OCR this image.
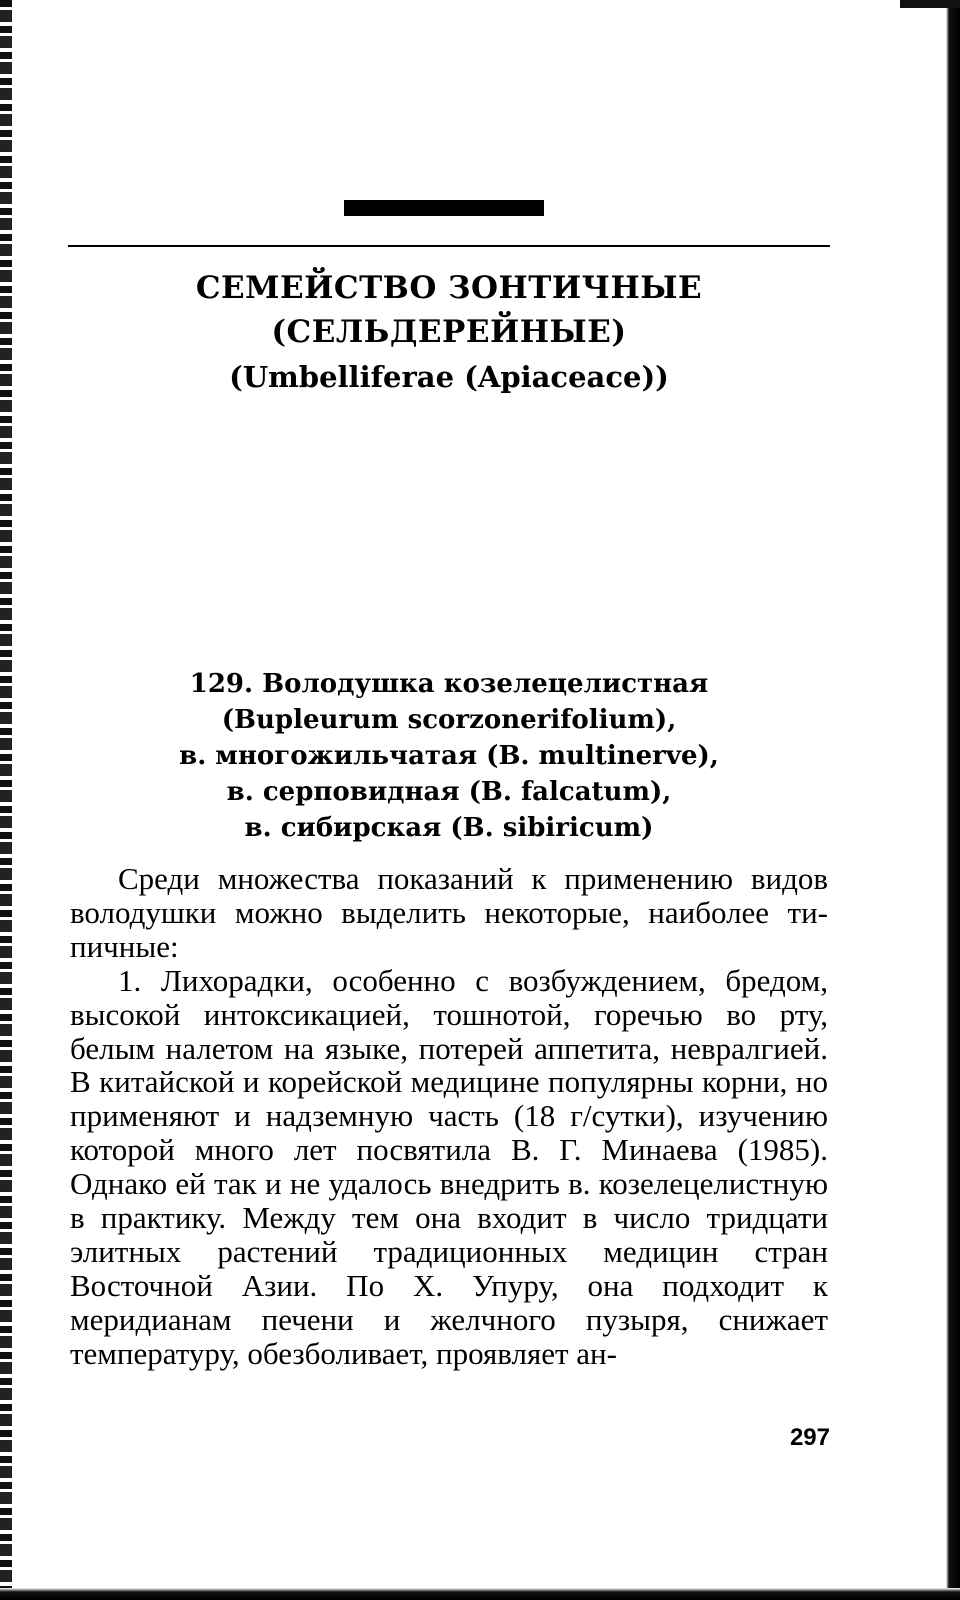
СЕМЕЙСТВО ЗОНТИЧНЫЕ
(СЕЛЬДЕРЕЙНЫЕ)
(Umbelliferae (Apiaceace))
129. Володушка козелецелистная
(Bupleurum scorzonerifolium),
в. многожильчатая (B. multinerve),
в. серповидная (B. falcatum),
в. сибирская (B. sibiricum)

Среди множества показаний к применению видов володушки можно выделить некоторые, наиболее типичные:

1. Лихорадки, особенно с возбуждением, бредом, высокой интоксикацией, тошнотой, горечью во рту, белым налетом на языке, потерей аппетита, невралгией. В китайской и корейской медицине популярны корни, но применяют и надземную часть (18 г/сутки), изучению которой много лет посвятила В. Г. Минаева (1985). Однако ей так и не удалось внедрить в. козелецелистную в практику. Между тем она входит в число тридцати элитных растений традиционных медицин стран Восточной Азии. По Х. Упуру, она подходит к меридианам печени и желчного пузыря, снижает температуру, обезболивает, проявляет ан-

297
